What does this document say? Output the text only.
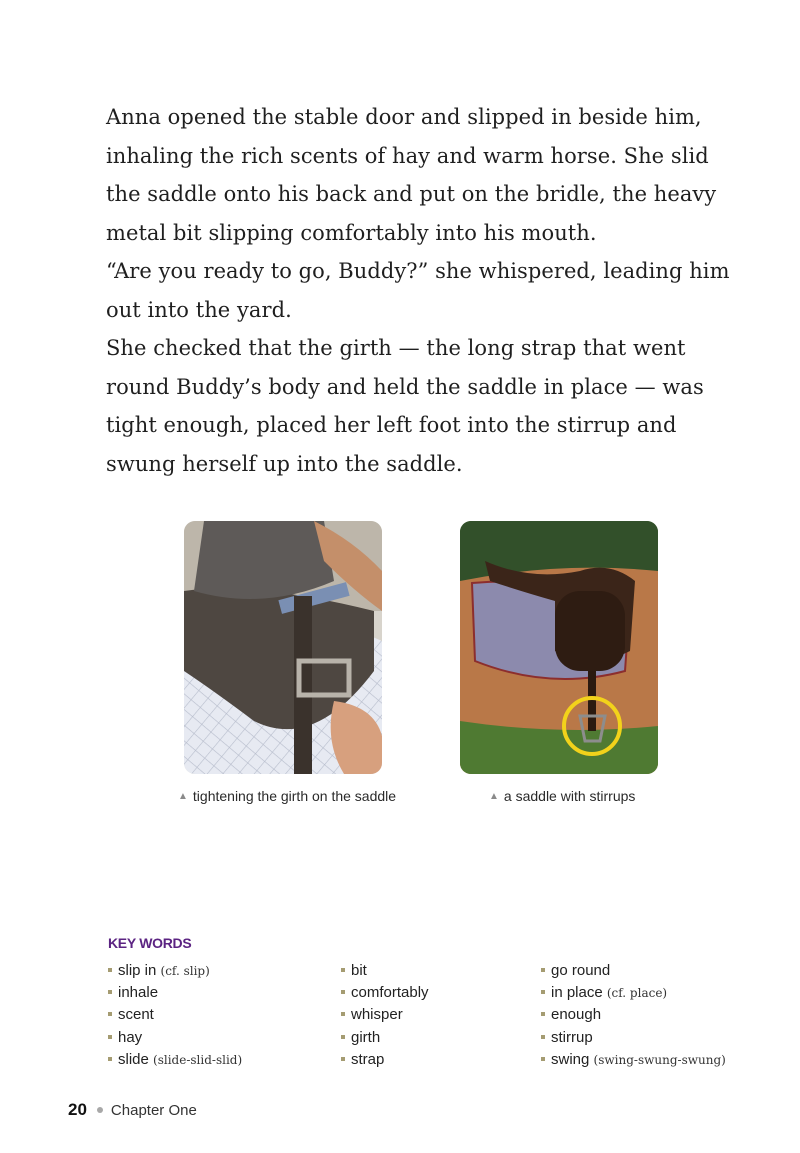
Anna opened the stable door and slipped in beside him, inhaling the rich scents of hay and warm horse. She slid the saddle onto his back and put on the bridle, the heavy metal bit slipping comfortably into his mouth.

“Are you ready to go, Buddy?” she whispered, leading him out into the yard.

She checked that the girth — the long strap that went round Buddy’s body and held the saddle in place — was tight enough, placed her left foot into the stirrup and swung herself up into the saddle.

▲ tightening the girth on the saddle	▲ a saddle with stirrups
KEY WORDS
slip in (cf. slip)
inhale
scent
hay
slide (slide-slid-slid)
bit
comfortably
whisper
girth
strap
go round
in place (cf. place)
enough
stirrup
swing (swing-swung-swung)
20 Chapter One
